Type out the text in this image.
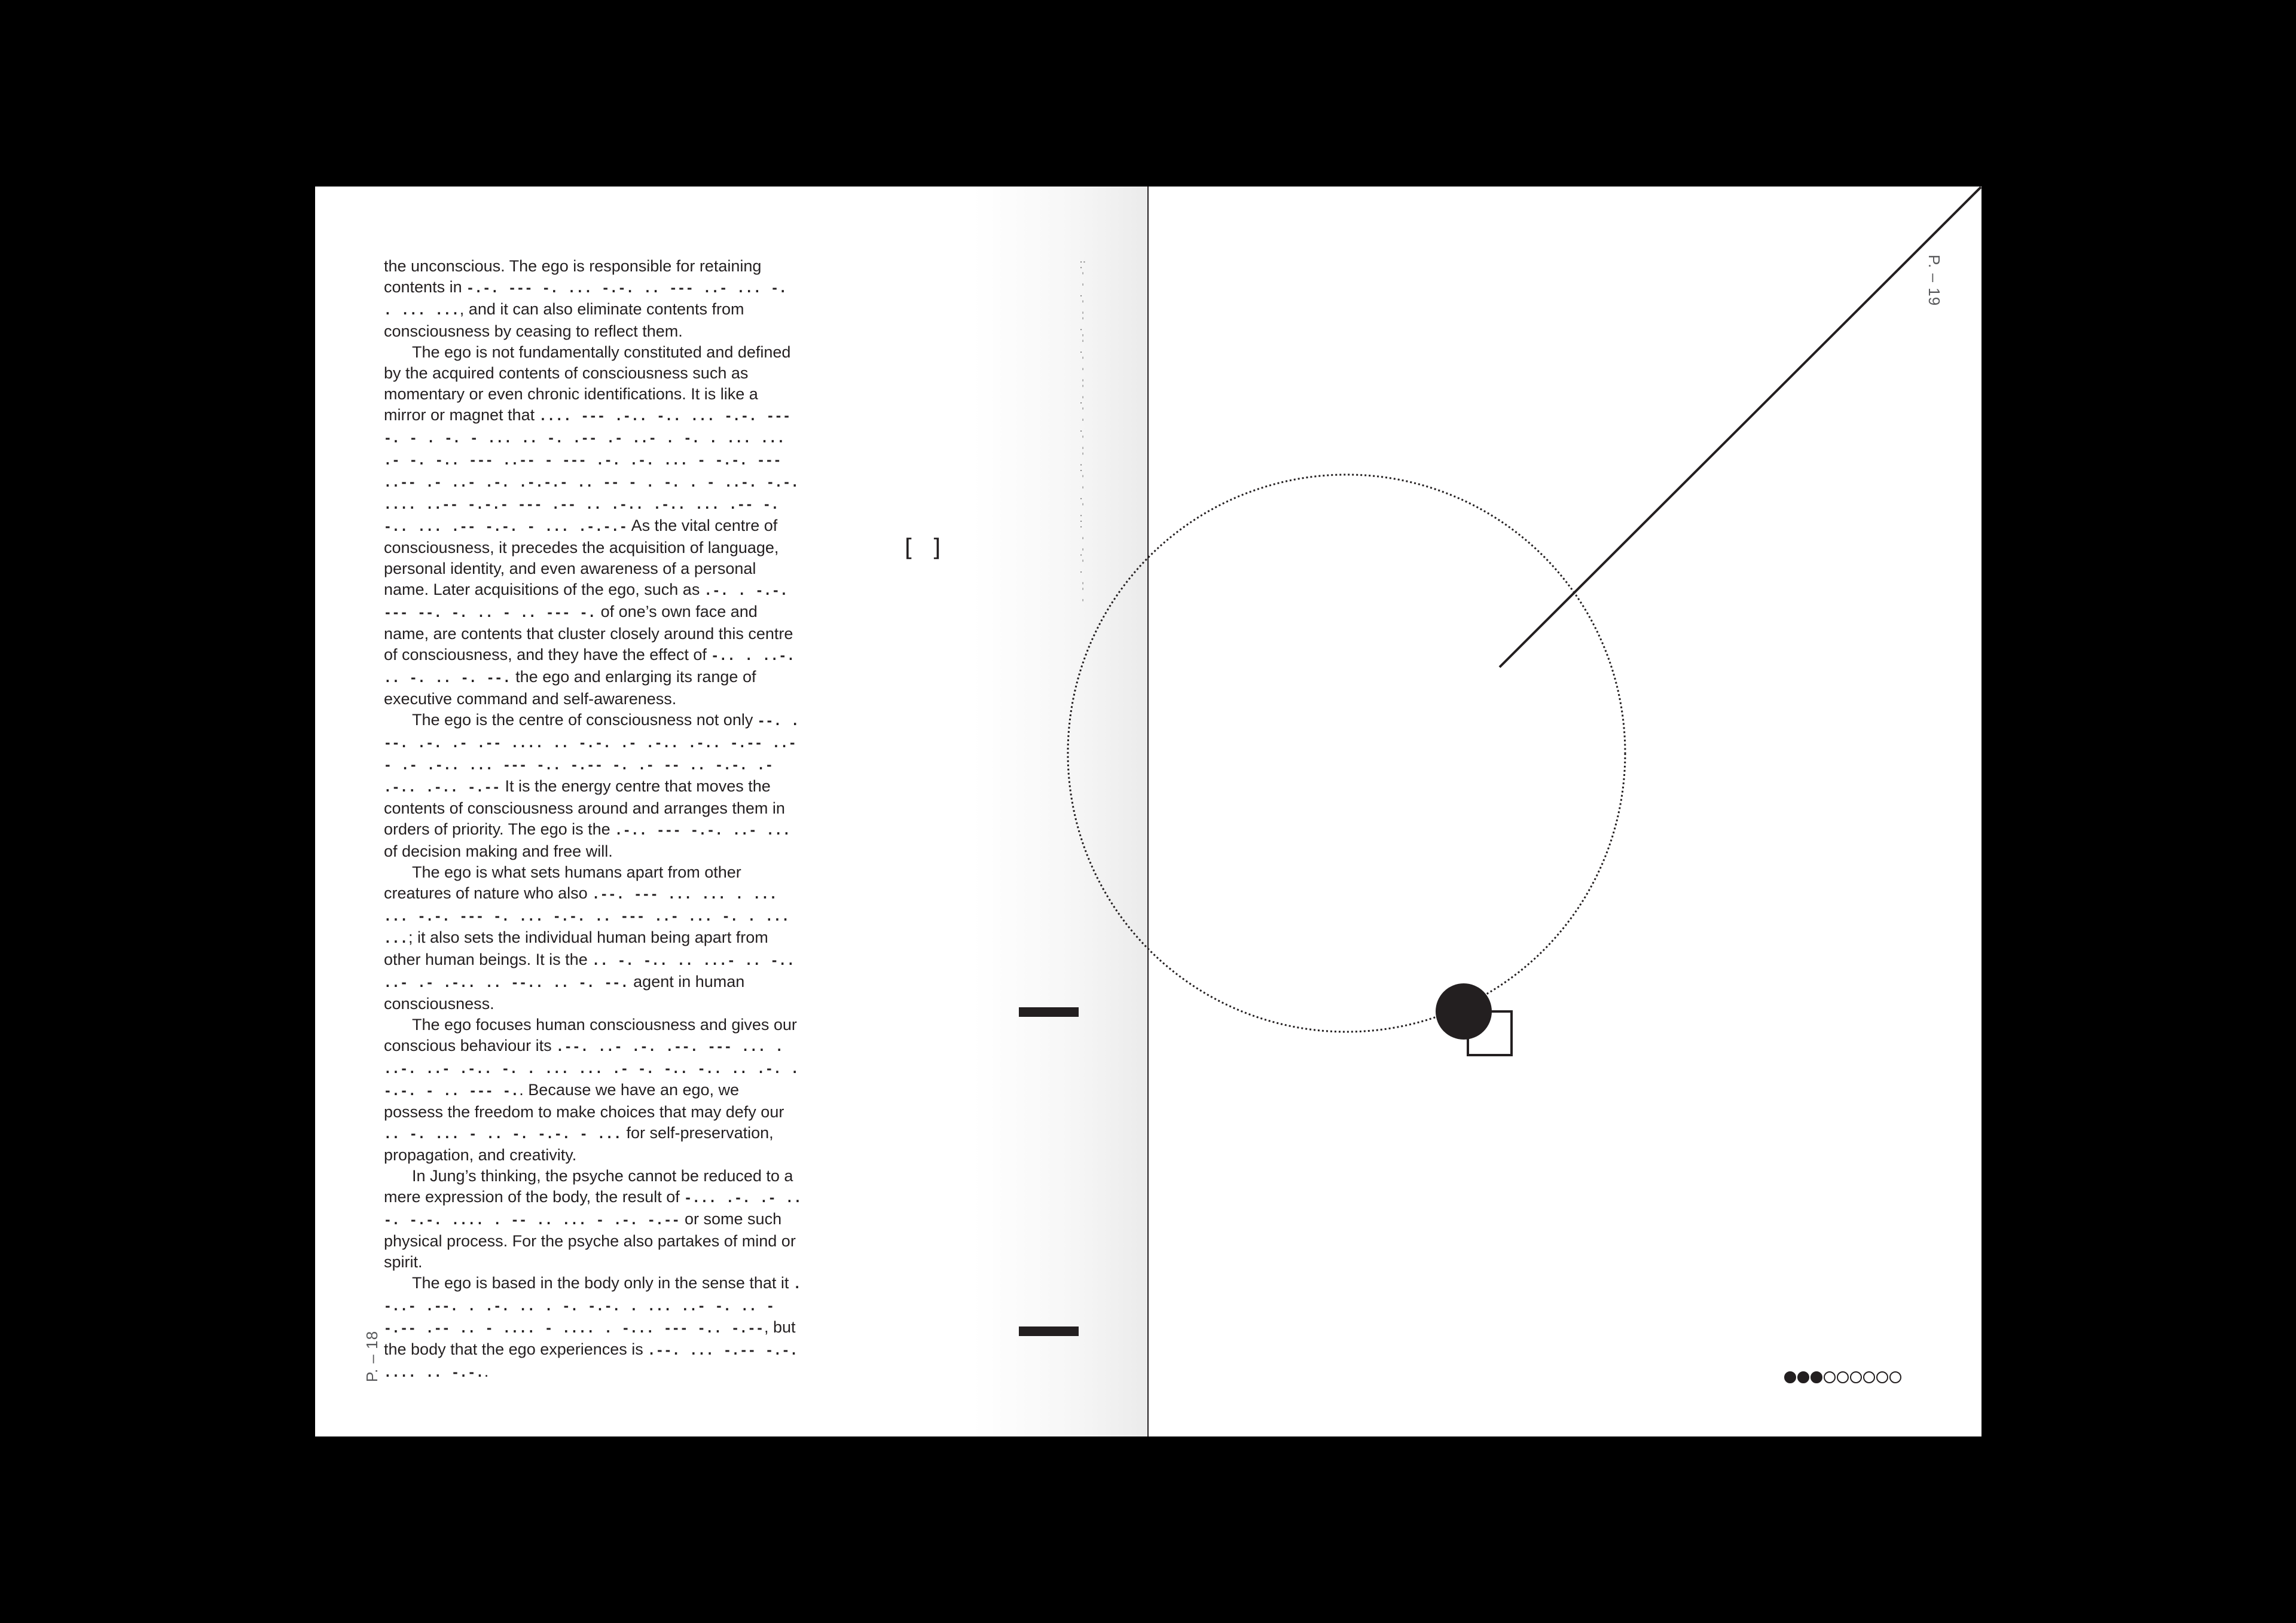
the unconscious. The ego is responsible for retaining contents in -.-. --- -. ... -.-. .. --- ..- ... -. . ... ..., and it can also eliminate contents from consciousness by ceasing to reflect them.

The ego is not fundamentally constituted and defined by the acquired contents of consciousness such as momentary or even chronic identifications. It is like a mirror or magnet that .... --- .-.. -.. ... -.-. --- -. - . -. - ... .. -. .-- .- ..- . -. . ... ... .- -. -.. --- ..-- - --- .-. .-. ... - -.-. --- ..-- .- ..- .-. .-.-.- .. -- - . -. . - ..-. -.-. .... ..-- -.-.- --- .-- .. .-.. .-.. ... .-- -. -.. ... .-- -.-. - ... .-.-.- As the vital centre of consciousness, it precedes the acquisition of language, personal identity, and even awareness of a personal name. Later acquisitions of the ego, such as .-. . -.-. --- --. -. .. - .. --- -. of one’s own face and name, are contents that cluster closely around this centre of consciousness, and they have the effect of -.. . ..-. .. -. .. -. --. the ego and enlarging its range of executive command and self-awareness.

The ego is the centre of consciousness not only --. . --. .-. .- .-- .... .. -.-. .- .-.. .-.. -.-- ..- - .- .-.. ... --- -.. -.-- -. .- -- .. -.-. .- .-.. .-.. -.-- It is the energy centre that moves the contents of consciousness around and arranges them in orders of priority. The ego is the .-.. --- -.-. ..- ... of decision making and free will.

The ego is what sets humans apart from other creatures of nature who also .--. --- ... ... . ... ... -.-. --- -. ... -.-. .. --- ..- ... -. . ... ...; it also sets the individual human being apart from other human beings. It is the .. -. -.. .. ...- .. -.. ..- .- .-.. .. --.. .. -. --. agent in human consciousness.

The ego focuses human consciousness and gives our conscious behaviour its .--. ..- .-. .--. --- ... . ..-. ..- .-.. -. . ... ... .- -. -.. -.. .. .-. . -.-. - .. --- -.. Because we have an ego, we possess the freedom to make choices that may defy our .. -. ... - .. -. -.-. - ... for self-preservation, propagation, and creativity.

In Jung’s thinking, the psyche cannot be reduced to a mere expression of the body, the result of -... .-. .- .. -. -.-. .... . -- .. ... - .-. -.-- or some such physical process. For the psyche also partakes of mind or spirit.

The ego is based in the body only in the sense that it . -..- .--. . .-. .. . -. -.-. . ... ..- -. .. - -.-- .-- .. - .... - .... . -... --- -.. -.--, but the body that the ego experiences is .--. ... -.-- -.-. .... .. -.-..

P. – 18
:.- - .- -- .-- .- - -- -.- - .- -- ..- - .- ... - -.- . -- -
[ ]
P. – 19
